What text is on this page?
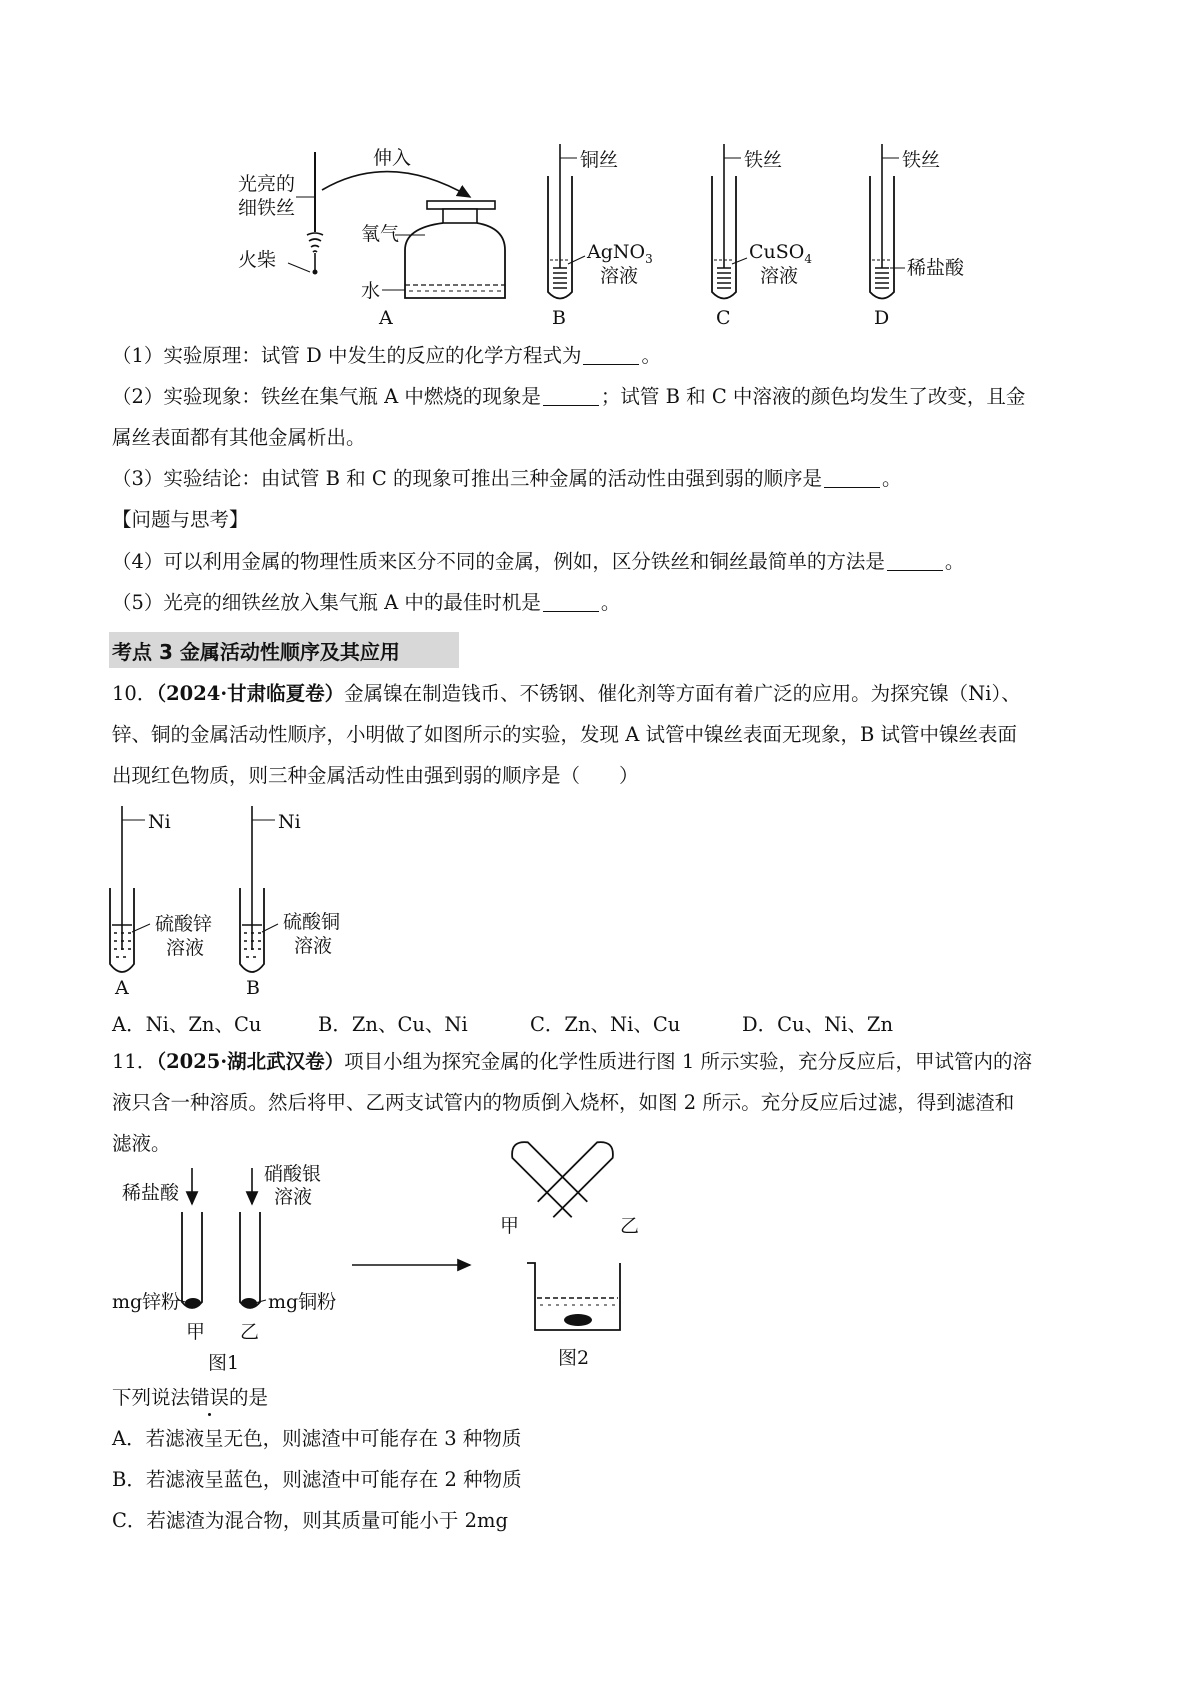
光亮的
细铁丝
火柴
伸入
氧气
水
A
铜丝
AgNO$_3$
溶液
B
铁丝
CuSO$_4$
溶液
C
铁丝
稀盐酸
D
（1）实验原理：试管 D 中发生的反应的化学方程式为	。
（2）实验现象：铁丝在集气瓶 A 中燃烧的现象是	；试管 B 和 C 中溶液的颜色均发生了改变，且金
属丝表面都有其他金属析出。
（3）实验结论：由试管 B 和 C 的现象可推出三种金属的活动性由强到弱的顺序是	。
【问题与思考】
（4）可以利用金属的物理性质来区分不同的金属，例如，区分铁丝和铜丝最简单的方法是	。
（5）光亮的细铁丝放入集气瓶 A 中的最佳时机是	。
考点 3 金属活动性顺序及其应用
10．（2024·甘肃临夏卷）金属镍在制造钱币、不锈钢、催化剂等方面有着广泛的应用。为探究镍（Ni）、
锌、铜的金属活动性顺序，小明做了如图所示的实验，发现 A 试管中镍丝表面无现象，B 试管中镍丝表面
出现红色物质，则三种金属活动性由强到弱的顺序是（　　）
Ni
硫酸锌
溶液
A
Ni
硫酸铜
溶液
B
A．Ni、Zn、Cu	B．Zn、Cu、Ni	C．Zn、Ni、Cu	D．Cu、Ni、Zn
11．（2025·湖北武汉卷）项目小组为探究金属的化学性质进行图 1 所示实验，充分反应后，甲试管内的溶
液只含一种溶质。然后将甲、乙两支试管内的物质倒入烧杯，如图 2 所示。充分反应后过滤，得到滤渣和
滤液。
稀盐酸
硝酸银
溶液
mg锌粉	mg铜粉
甲 乙
图1
甲	乙
图2
下列说法错误的是
A．若滤液呈无色，则滤渣中可能存在 3 种物质
B．若滤液呈蓝色，则滤渣中可能存在 2 种物质
C．若滤渣为混合物，则其质量可能小于 2mg
